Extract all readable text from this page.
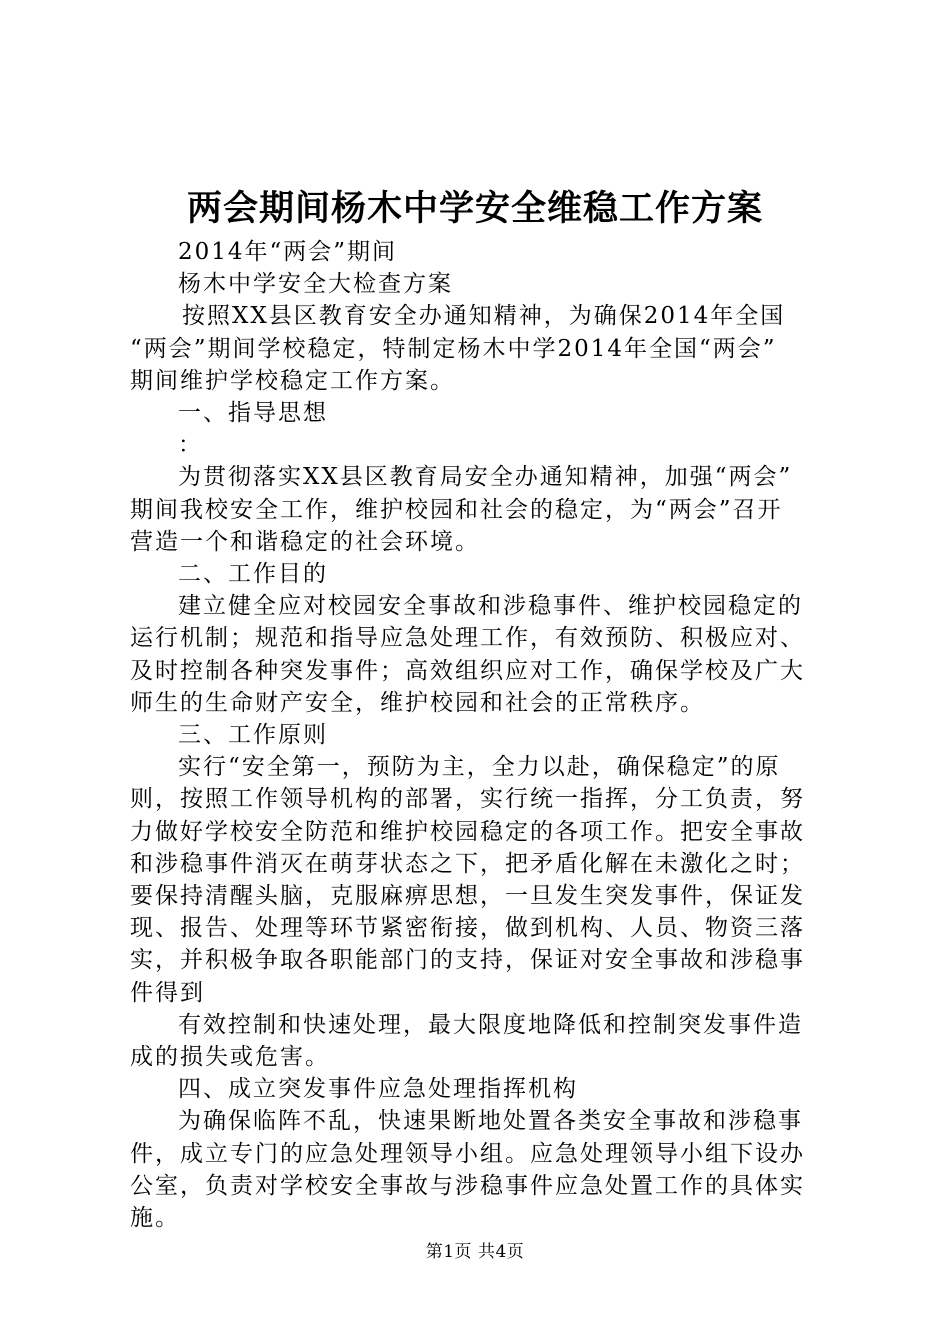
两会期间杨木中学安全维稳工作方案

2014年“两会”期间

杨木中学安全大检查方案

按照XX县区教育安全办通知精神，为确保2014年全国

“两会”期间学校稳定，特制定杨木中学2014年全国“两会”

期间维护学校稳定工作方案。

一、指导思想

：

为贯彻落实XX县区教育局安全办通知精神，加强“两会”

期间我校安全工作，维护校园和社会的稳定，为“两会”召开

营造一个和谐稳定的社会环境。

二、工作目的

建立健全应对校园安全事故和涉稳事件、维护校园稳定的

运行机制；规范和指导应急处理工作，有效预防、积极应对、

及时控制各种突发事件；高效组织应对工作，确保学校及广大

师生的生命财产安全，维护校园和社会的正常秩序。

三、工作原则

实行“安全第一，预防为主，全力以赴，确保稳定”的原

则，按照工作领导机构的部署，实行统一指挥，分工负责，努

力做好学校安全防范和维护校园稳定的各项工作。把安全事故

和涉稳事件消灭在萌芽状态之下，把矛盾化解在未激化之时；

要保持清醒头脑，克服麻痹思想，一旦发生突发事件，保证发

现、报告、处理等环节紧密衔接，做到机构、人员、物资三落

实，并积极争取各职能部门的支持，保证对安全事故和涉稳事

件得到

有效控制和快速处理，最大限度地降低和控制突发事件造

成的损失或危害。

四、成立突发事件应急处理指挥机构

为确保临阵不乱，快速果断地处置各类安全事故和涉稳事

件，成立专门的应急处理领导小组。应急处理领导小组下设办

公室，负责对学校安全事故与涉稳事件应急处置工作的具体实

施。

第1页 共4页
